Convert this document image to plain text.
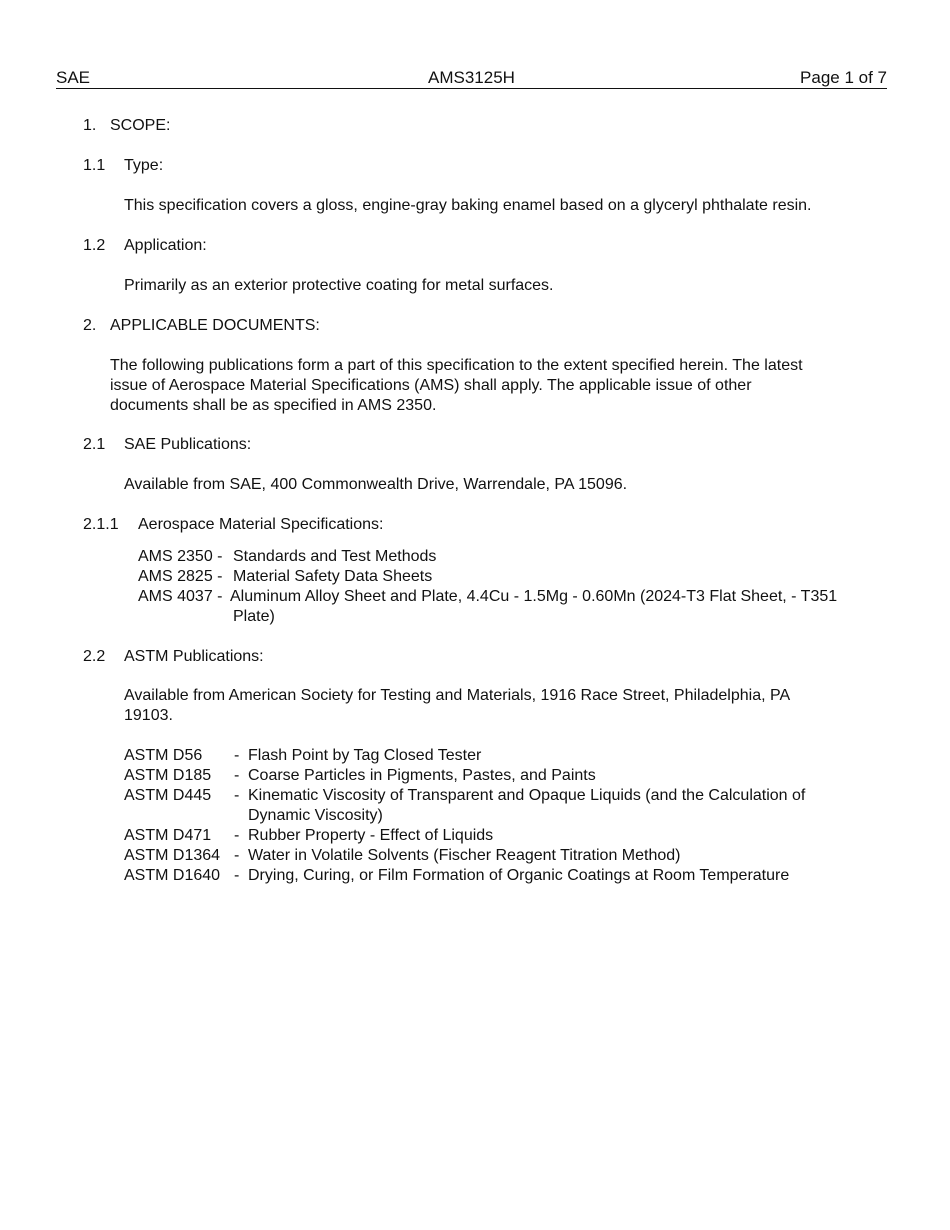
SAE	AMS3125H	Page 1 of 7
1. SCOPE:
1.1 Type:
This specification covers a gloss, engine-gray baking enamel based on a glyceryl phthalate resin.
1.2 Application:
Primarily as an exterior protective coating for metal surfaces.
2. APPLICABLE DOCUMENTS:
The following publications form a part of this specification to the extent specified herein. The latest
issue of Aerospace Material Specifications (AMS) shall apply. The applicable issue of other
documents shall be as specified in AMS 2350.
2.1 SAE Publications:
Available from SAE, 400 Commonwealth Drive, Warrendale, PA 15096.
2.1.1 Aerospace Material Specifications:
AMS 2350 - Standards and Test Methods
AMS 2825 - Material Safety Data Sheets
AMS 4037 - Aluminum Alloy Sheet and Plate, 4.4Cu - 1.5Mg - 0.60Mn (2024-T3 Flat Sheet, - T351
Plate)
2.2 ASTM Publications:
Available from American Society for Testing and Materials, 1916 Race Street, Philadelphia, PA
19103.
ASTM D56 - Flash Point by Tag Closed Tester
ASTM D185 - Coarse Particles in Pigments, Pastes, and Paints
ASTM D445 - Kinematic Viscosity of Transparent and Opaque Liquids (and the Calculation of
Dynamic Viscosity)
ASTM D471 - Rubber Property - Effect of Liquids
ASTM D1364 - Water in Volatile Solvents (Fischer Reagent Titration Method)
ASTM D1640 - Drying, Curing, or Film Formation of Organic Coatings at Room Temperature
